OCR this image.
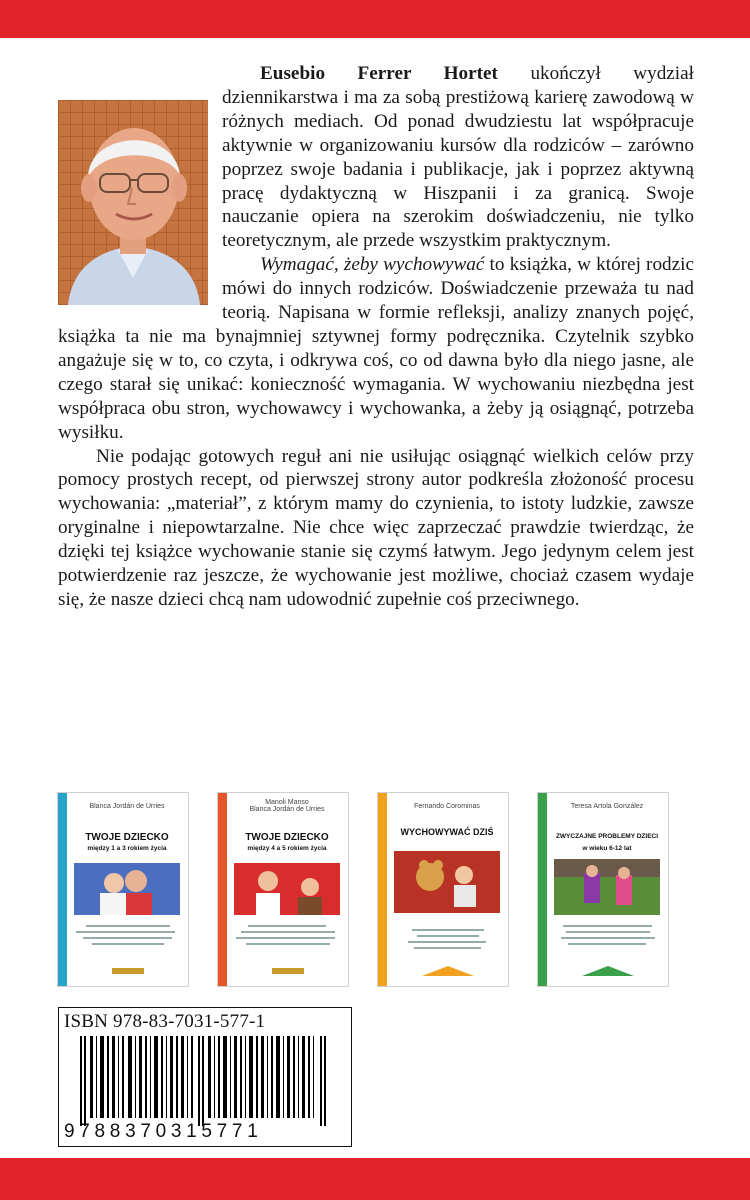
Eusebio Ferrer Hortet ukończył wydział dziennikarstwa i ma za sobą prestiżową karierę zawodową w różnych mediach. Od ponad dwudziestu lat współpracuje aktywnie w organizowaniu kursów dla rodziców – zarówno poprzez swoje badania i publikacje, jak i poprzez aktywną pracę dydaktyczną w Hiszpanii i za granicą. Swoje nauczanie opiera na szerokim doświadczeniu, nie tylko teoretycznym, ale przede wszystkim praktycznym.

Wymagać, żeby wychowywać to książka, w której rodzic mówi do innych rodziców. Doświadczenie przeważa tu nad teorią. Napisana w formie refleksji, analizy znanych pojęć, książka ta nie ma bynajmniej sztywnej formy podręcznika. Czytelnik szybko angażuje się w to, co czyta, i odkrywa coś, co od dawna było dla niego jasne, ale czego starał się unikać: konieczność wymagania. W wychowaniu niezbędna jest współpraca obu stron, wychowawcy i wychowanka, a żeby ją osiągnąć, potrzeba wysiłku.

Nie podając gotowych reguł ani nie usiłując osiągnąć wielkich celów przy pomocy prostych recept, od pierwszej strony autor podkreśla złożoność procesu wychowania: „materiał”, z którym mamy do czynienia, to istoty ludzkie, zawsze oryginalne i niepowtarzalne. Nie chce więc zaprzeczać prawdzie twierdząc, że dzięki tej książce wychowanie stanie się czymś łatwym. Jego jedynym celem jest potwierdzenie raz jeszcze, że wychowanie jest możliwe, chociaż czasem wydaje się, że nasze dzieci chcą nam udowodnić zupełnie coś przeciwnego.

Blanca Jordán de Urries
TWOJE DZIECKO
między 1 a 3 rokiem życia
Manoli Manso
Blanca Jordán de Urries
TWOJE DZIECKO
między 4 a 5 rokiem życia
Fernando Corominas
WYCHOWYWAĆ DZIŚ
Teresa Artola González
ZWYCZAJNE PROBLEMY DZIECI
w wieku 6-12 lat
ISBN 978-83-7031-577-1
9788370315771
